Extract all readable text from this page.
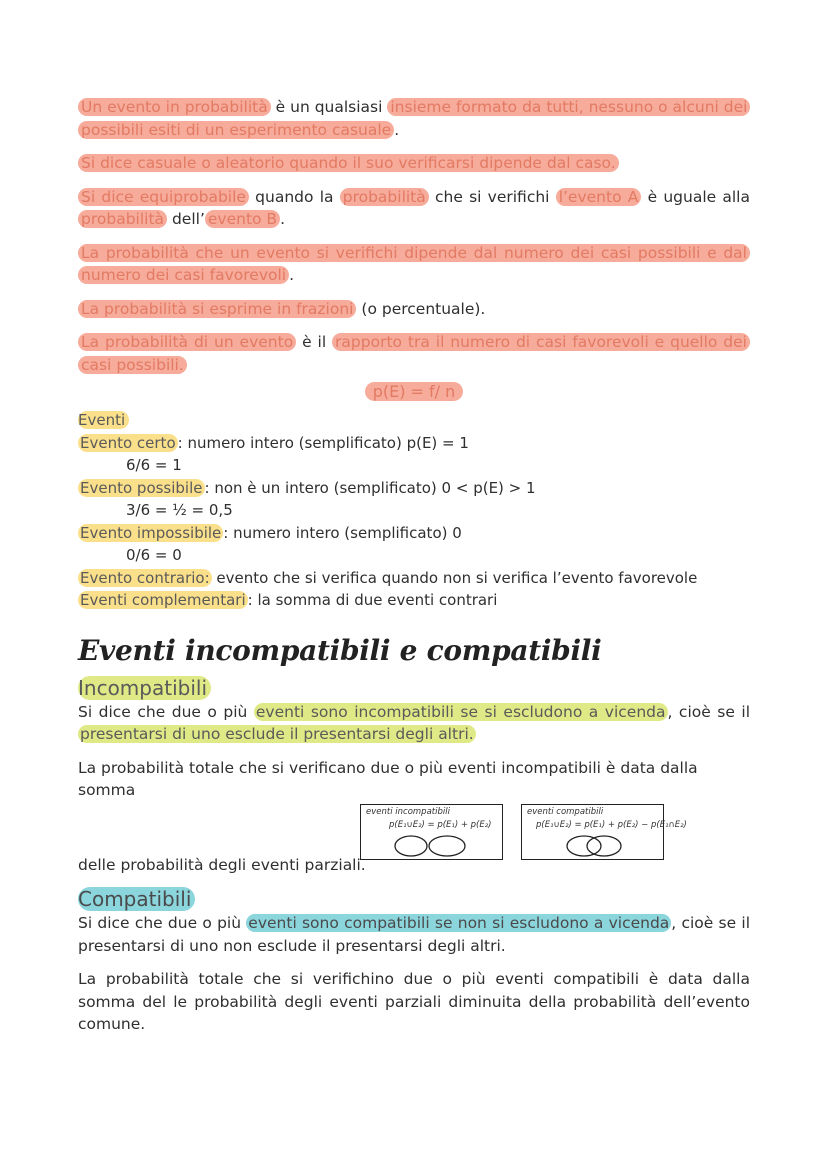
Un evento in probabilità è un qualsiasi insieme formato da tutti, nessuno o alcuni dei possibili esiti di un esperimento casuale .

Si dice casuale o aleatorio quando il suo verificarsi dipende dal caso.

Si dice equiprobabile quando la probabilità che si verifichi l’evento A è uguale alla probabilità dell’ evento B .

La probabilità che un evento si verifichi dipende dal numero dei casi possibili e dal numero dei casi favorevoli .

La probabilità si esprime in frazioni (o percentuale).

La probabilità di un evento è il rapporto tra il numero di casi favorevoli e quello dei casi possibili.

p(E) = f/ n

Eventi

Evento certo : numero intero (semplificato) p(E) = 1

6/6 = 1

Evento possibile : non è un intero (semplificato) 0 < p(E) > 1

3/6 = ½ = 0,5

Evento impossibile : numero intero (semplificato) 0

0/6 = 0

Evento contrario: evento che si verifica quando non si verifica l’evento favorevole

Eventi complementari : la somma di due eventi contrari

Eventi incompatibili e compatibili

Incompatibili

Si dice che due o più eventi sono incompatibili se si escludono a vicenda , cioè se il presentarsi di uno esclude il presentarsi degli altri.

La probabilità totale che si verificano due o più eventi incompatibili è data dalla somma

eventi incompatibili
p(E₁∪E₂) = p(E₁) + p(E₂)
eventi compatibili
p(E₁∪E₂) = p(E₁) + p(E₂) − p(E₁∩E₂)

delle probabilità degli eventi parziali.

Compatibili

Si dice che due o più eventi sono compatibili se non si escludono a vicenda , cioè se il presentarsi di uno non esclude il presentarsi degli altri.

La probabilità totale che si verifichino due o più eventi compatibili è data dalla somma del le probabilità degli eventi parziali diminuita della probabilità dell’evento comune.
